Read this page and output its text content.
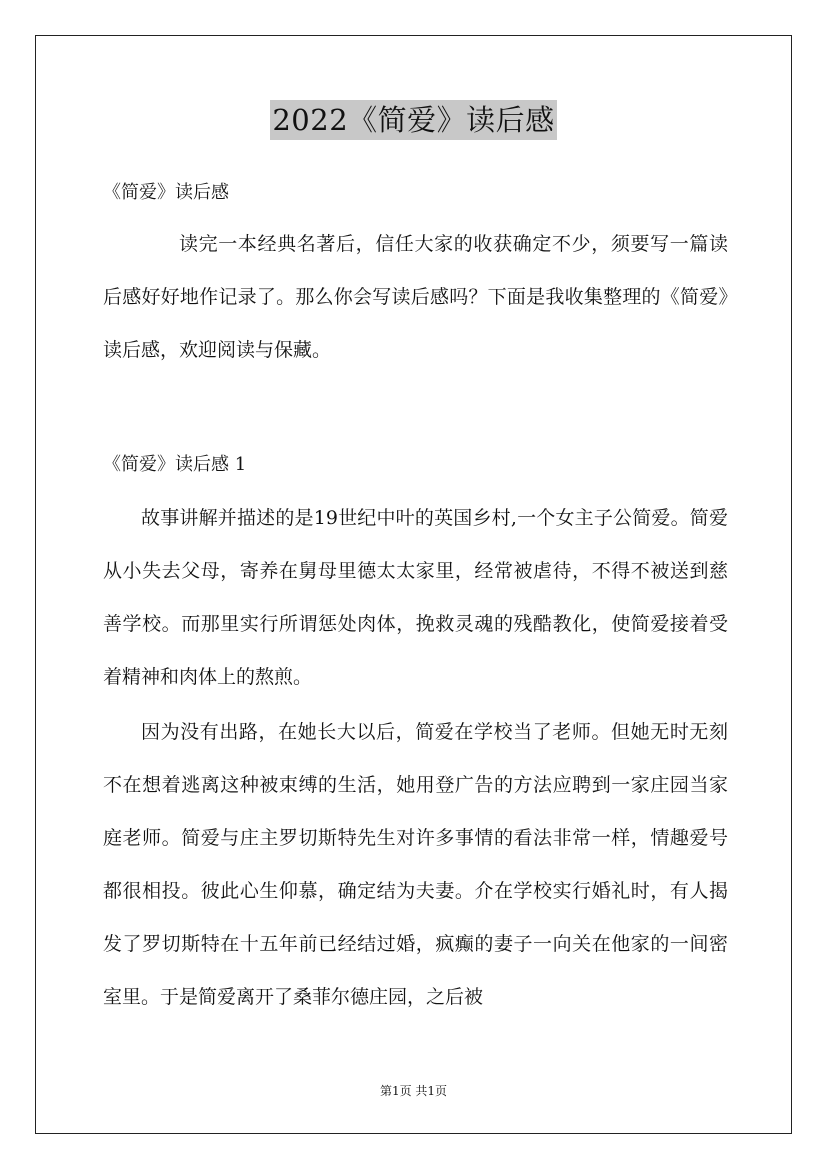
2022《简爱》读后感
《简爱》读后感
读完一本经典名著后，信任大家的收获确定不少，须要写一篇读后感好好地作记录了。那么你会写读后感吗？下面是我收集整理的《简爱》读后感，欢迎阅读与保藏。
《简爱》读后感 1
故事讲解并描述的是19世纪中叶的英国乡村,一个女主子公简爱。简爱从小失去父母，寄养在舅母里德太太家里，经常被虐待，不得不被送到慈善学校。而那里实行所谓惩处肉体，挽救灵魂的残酷教化，使简爱接着受着精神和肉体上的熬煎。
因为没有出路，在她长大以后，简爱在学校当了老师。但她无时无刻不在想着逃离这种被束缚的生活，她用登广告的方法应聘到一家庄园当家庭老师。简爱与庄主罗切斯特先生对许多事情的看法非常一样，情趣爱号都很相投。彼此心生仰慕，确定结为夫妻。介在学校实行婚礼时，有人揭发了罗切斯特在十五年前已经结过婚，疯癫的妻子一向关在他家的一间密室里。于是简爱离开了桑菲尔德庄园，之后被
第1页 共1页
